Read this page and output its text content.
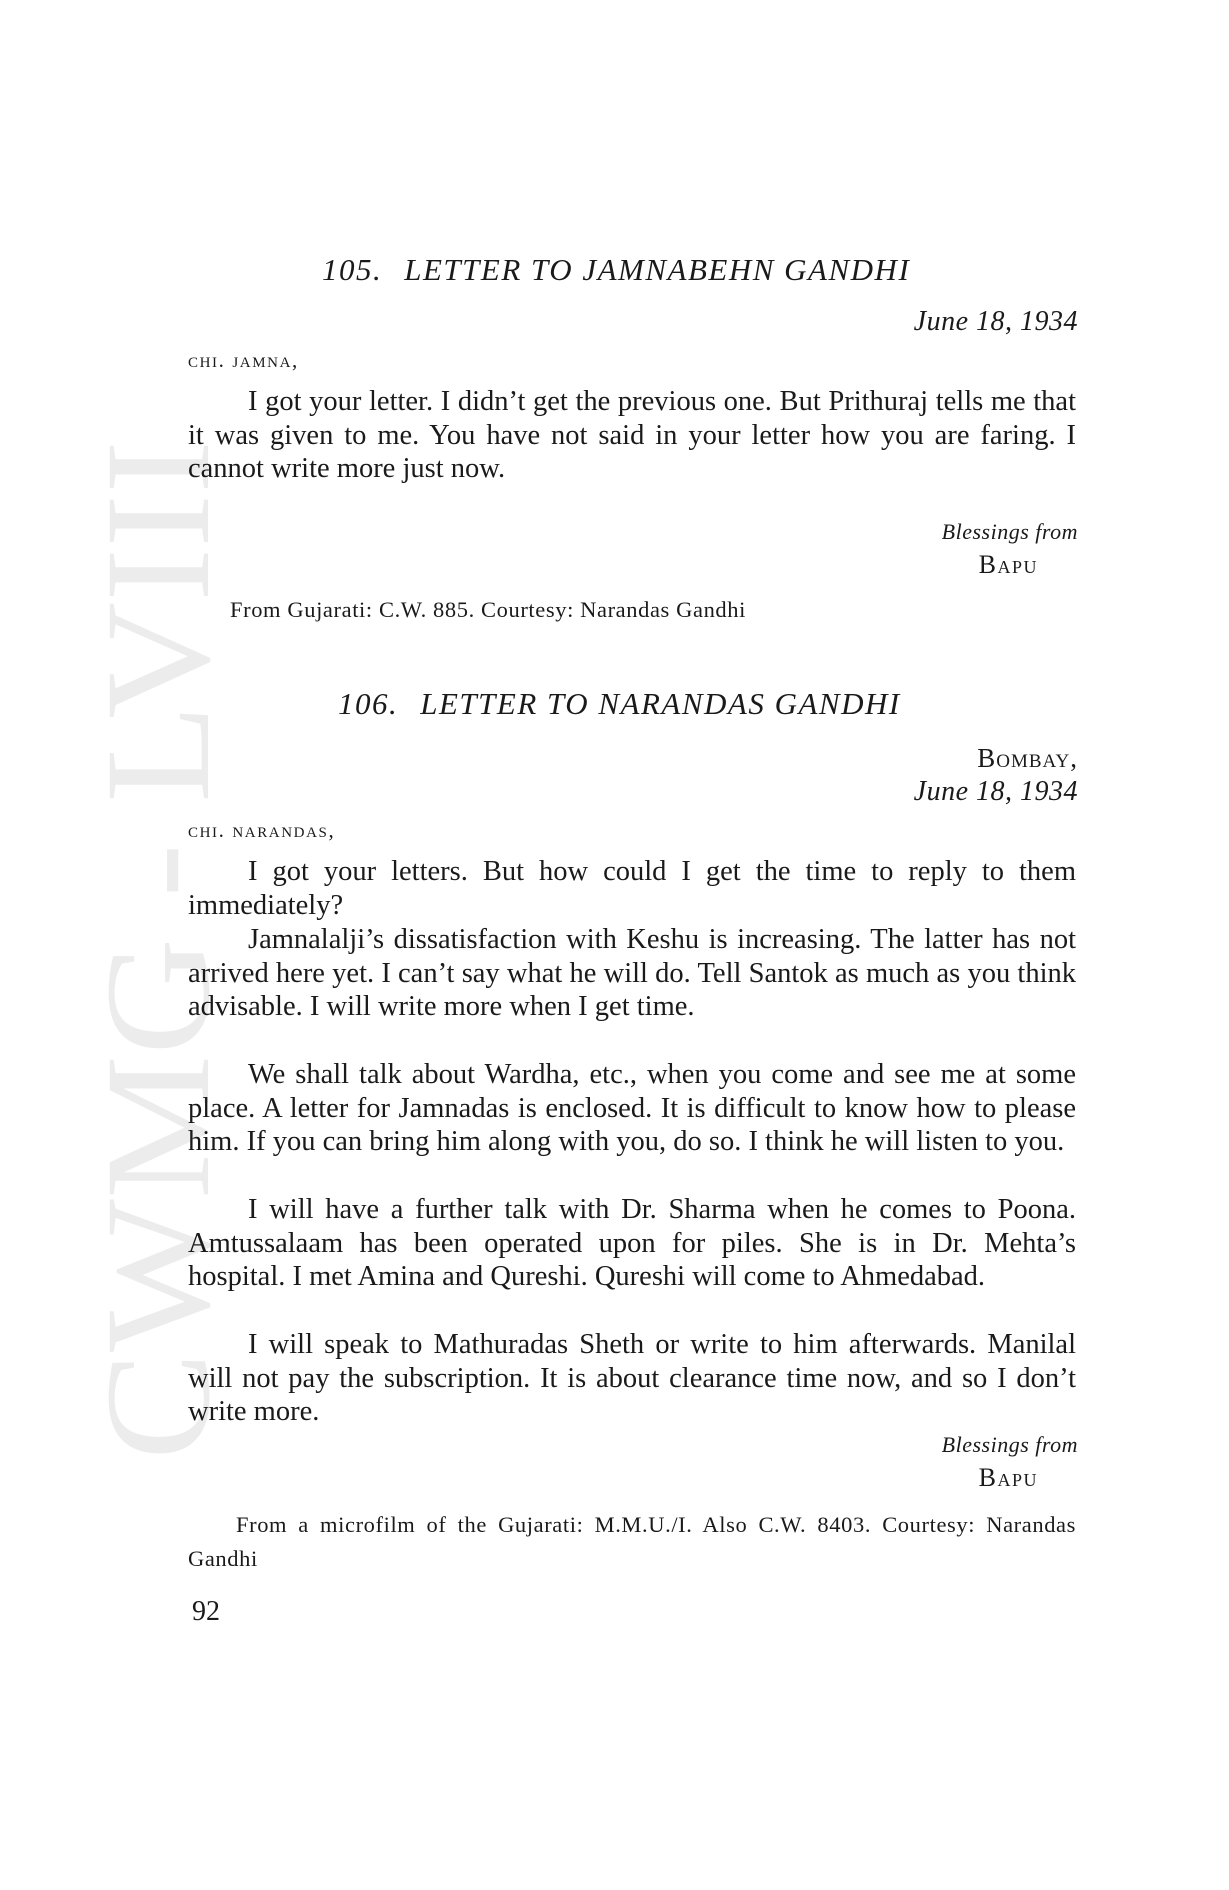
CWMG LVIII
105. LETTER TO JAMNABEHN GANDHI
June 18, 1934
chi. jamna,

I got your letter. I didn’t get the previous one. But Prithuraj tells me that it was given to me. You have not said in your letter how you are faring. I cannot write more just now.

Blessings from
Bapu

From Gujarati: C.W. 885. Courtesy: Narandas Gandhi

106. LETTER TO NARANDAS GANDHI
Bombay,
June 18, 1934
chi. narandas,

I got your letters. But how could I get the time to reply to them immediately?

Jamnalalji’s dissatisfaction with Keshu is increasing. The latter has not arrived here yet. I can’t say what he will do. Tell Santok as much as you think advisable. I will write more when I get time.

We shall talk about Wardha, etc., when you come and see me at some place. A letter for Jamnadas is enclosed. It is difficult to know how to please him. If you can bring him along with you, do so. I think he will listen to you.

I will have a further talk with Dr. Sharma when he comes to Poona. Amtussalaam has been operated upon for piles. She is in Dr. Mehta’s hospital. I met Amina and Qureshi. Qureshi will come to Ahmedabad.

I will speak to Mathuradas Sheth or write to him afterwards. Manilal will not pay the subscription. It is about clearance time now, and so I don’t write more.

Blessings from
Bapu

From a microfilm of the Gujarati: M.M.U./I. Also C.W. 8403. Courtesy: Narandas Gandhi

92
